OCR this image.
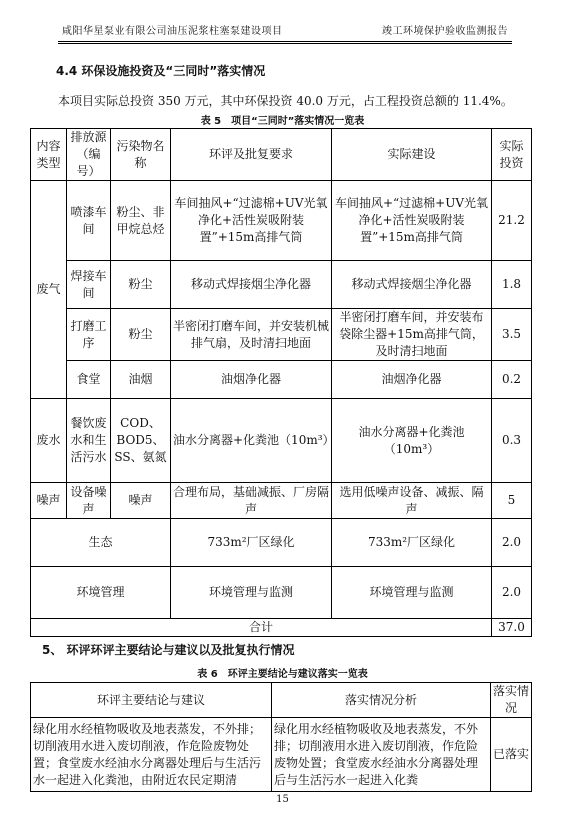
咸阳华星泵业有限公司油压泥浆柱塞泵建设项目	竣工环境保护验收监测报告
4.4 环保设施投资及“三同时”落实情况
本项目实际总投资 350 万元，其中环保投资 40.0 万元，占工程投资总额的 11.4%。
表 5　项目“三同时”落实情况一览表
内容类型	排放源（编号）	污染物名称	环评及批复要求	实际建设	实际投资
废气	喷漆车间	粉尘、非甲烷总烃	车间抽风+“过滤棉+UV光氧净化+活性炭吸附装置”+15m高排气筒	车间抽风+“过滤棉+UV光氧净化+活性炭吸附装置”+15m高排气筒	21.2
	焊接车间	粉尘	移动式焊接烟尘净化器	移动式焊接烟尘净化器	1.8
	打磨工序	粉尘	半密闭打磨车间，并安装机械排气扇，及时清扫地面	半密闭打磨车间，并安装布袋除尘器+15m高排气筒，及时清扫地面	3.5
	食堂	油烟	油烟净化器	油烟净化器	0.2
废水	餐饮废水和生活污水	COD、BOD5、SS、氨氮	油水分离器+化粪池（10m³）	油水分离器+化粪池（10m³）	0.3
噪声	设备噪声	噪声	合理布局，基础减振、厂房隔声	选用低噪声设备、减振、隔声	5
生态			733m²厂区绿化	733m²厂区绿化	2.0
环境管理			环境管理与监测	环境管理与监测	2.0
合计					37.0
5、 环评环评主要结论与建议以及批复执行情况
表 6　环评主要结论与建议落实一览表
环评主要结论与建议	落实情况分析	落实情况
绿化用水经植物吸收及地表蒸发，不外排；切削液用水进入废切削液，作危险废物处置；食堂废水经油水分离器处理后与生活污水一起进入化粪池，由附近农民定期清	绿化用水经植物吸收及地表蒸发，不外排；切削液用水进入废切削液，作危险废物处置；食堂废水经油水分离器处理后与生活污水一起进入化粪	已落实
15
